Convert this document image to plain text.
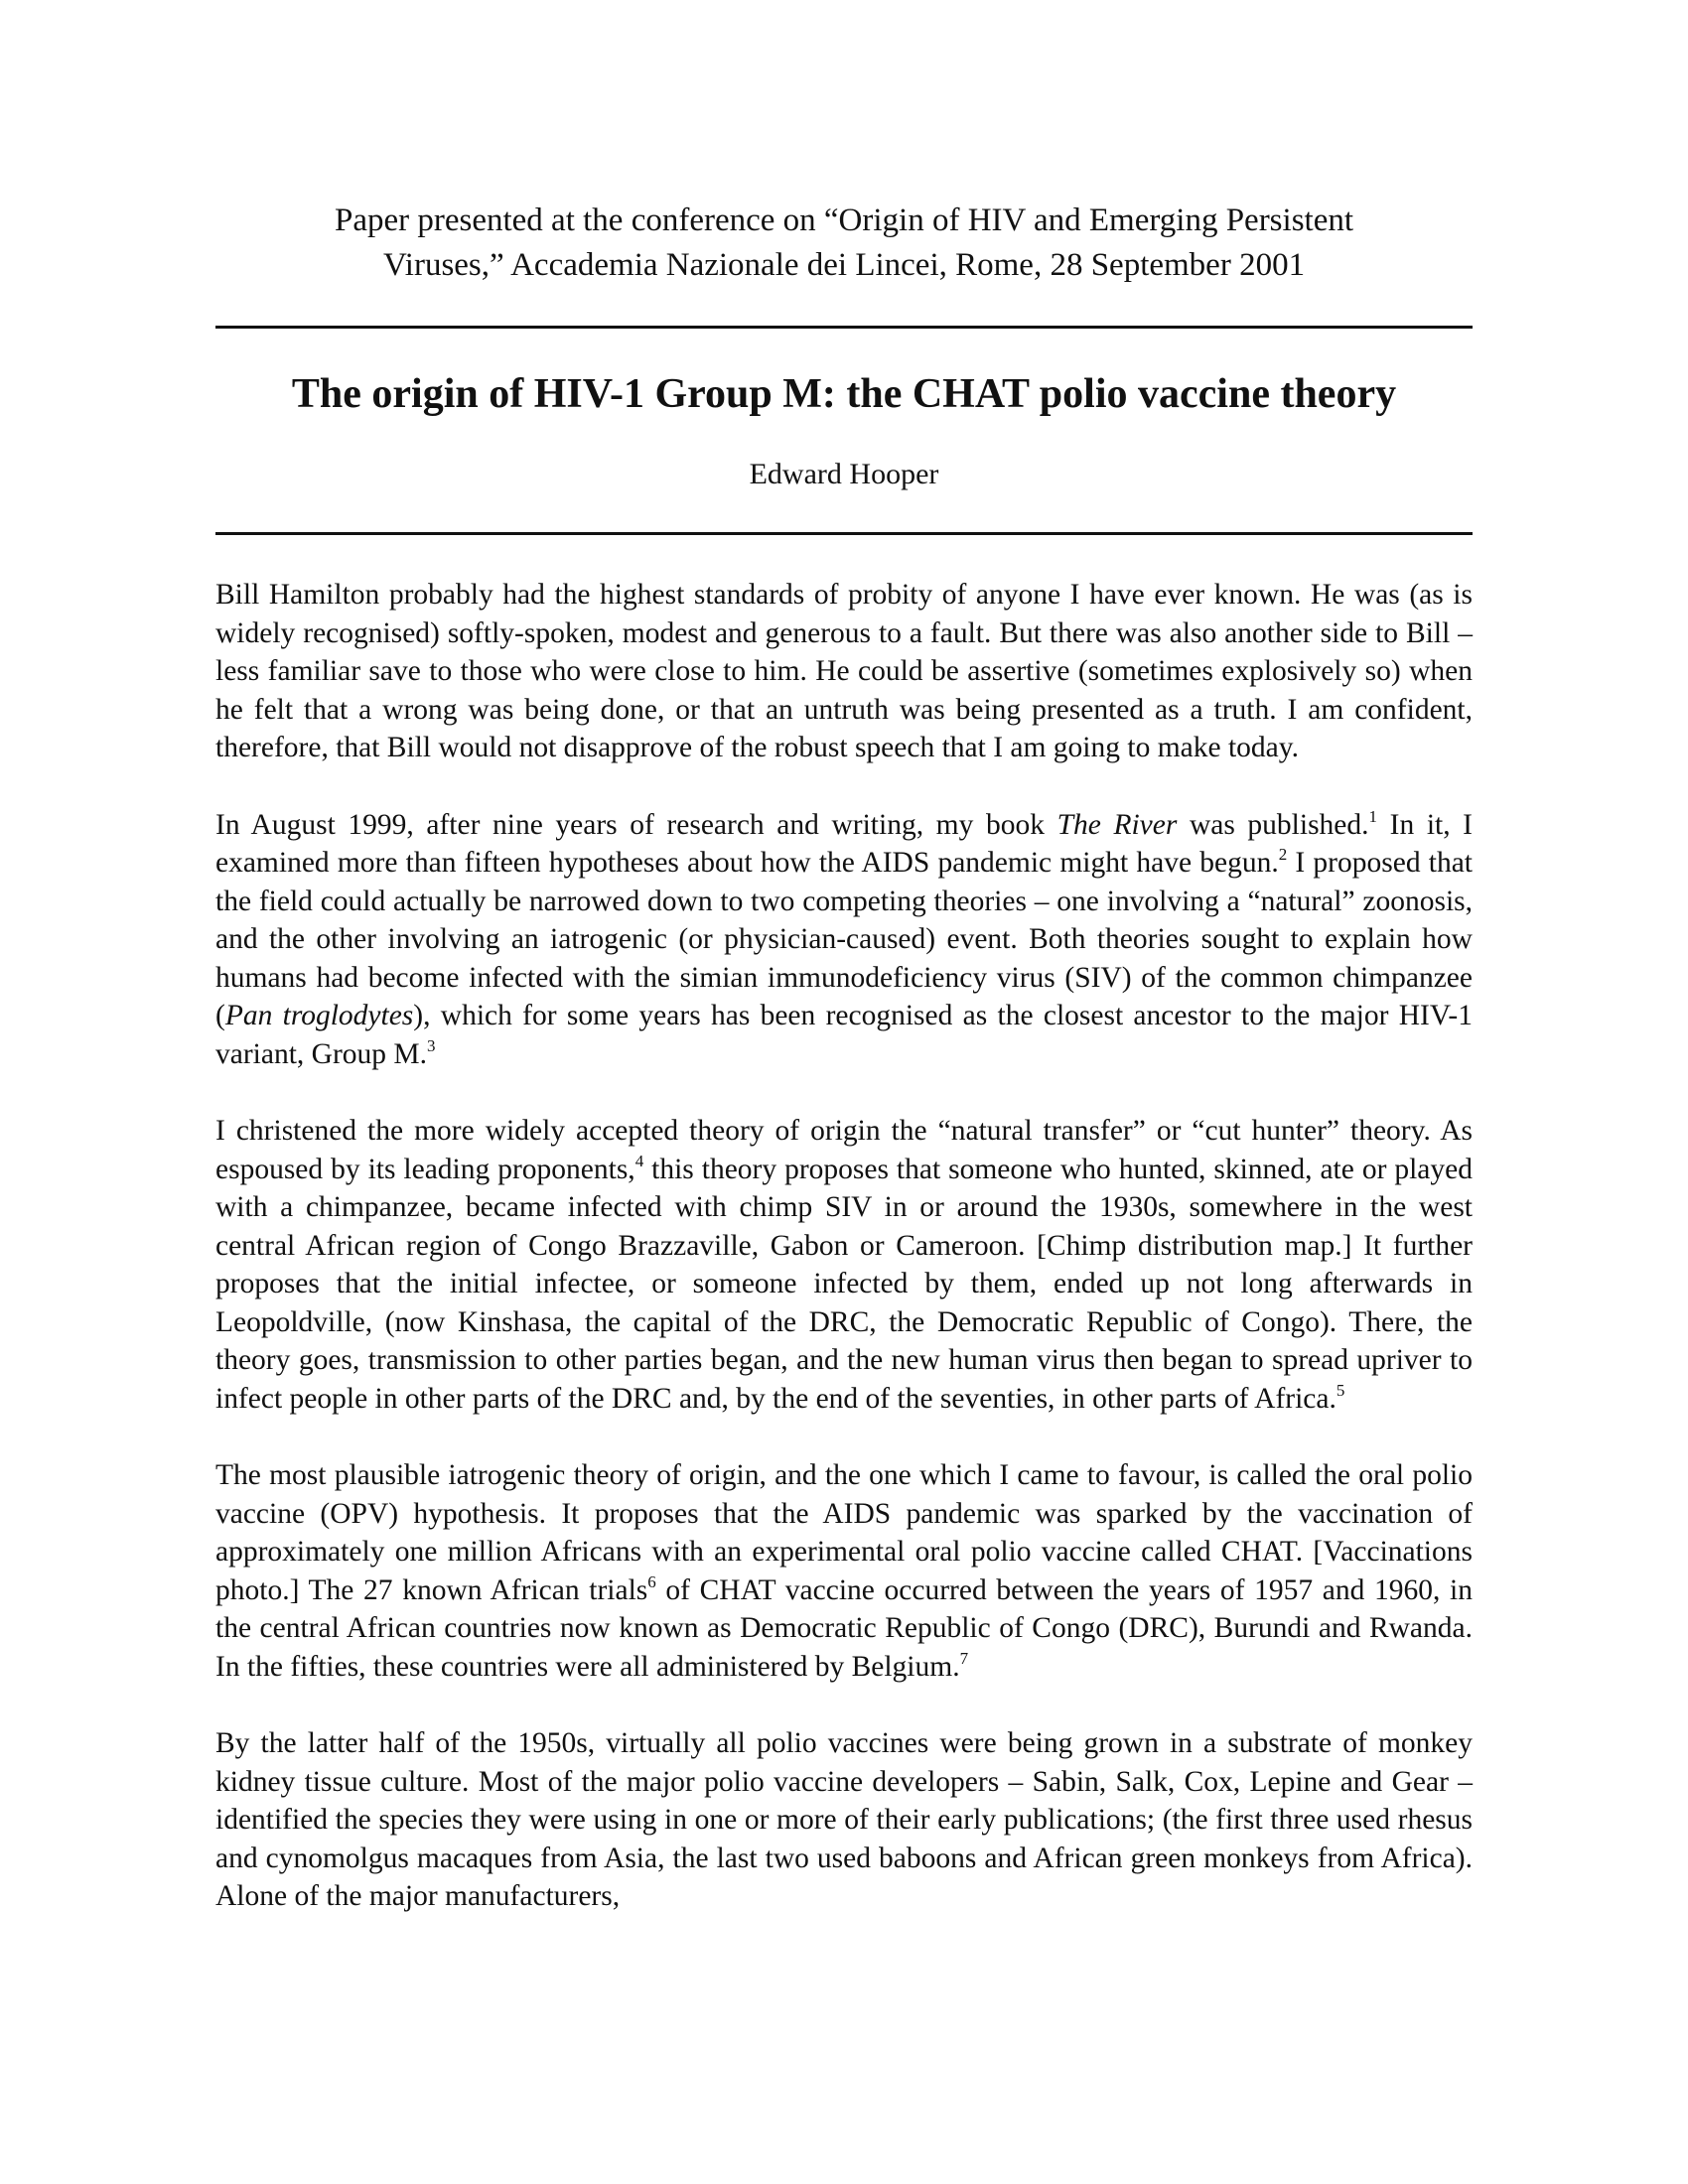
Paper presented at the conference on “Origin of HIV and Emerging Persistent
Viruses,” Accademia Nazionale dei Lincei, Rome, 28 September 2001
The origin of HIV-1 Group M: the CHAT polio vaccine theory
Edward Hooper

Bill Hamilton probably had the highest standards of probity of anyone I have ever known. He was (as is widely recognised) softly-spoken, modest and generous to a fault. But there was also another side to Bill – less familiar save to those who were close to him. He could be assertive (sometimes explosively so) when he felt that a wrong was being done, or that an untruth was being presented as a truth. I am confident, therefore, that Bill would not disapprove of the robust speech that I am going to make today.

In August 1999, after nine years of research and writing, my book The River was published.$^1$ In it, I examined more than fifteen hypotheses about how the AIDS pandemic might have begun.$^2$ I proposed that the field could actually be narrowed down to two competing theories – one involving a “natural” zoonosis, and the other involving an iatrogenic (or physician-caused) event. Both theories sought to explain how humans had become infected with the simian immunodeficiency virus (SIV) of the common chimpanzee (Pan troglodytes), which for some years has been recognised as the closest ancestor to the major HIV-1 variant, Group M.$^3$

I christened the more widely accepted theory of origin the “natural transfer” or “cut hunter” theory. As espoused by its leading proponents,$^4$ this theory proposes that someone who hunted, skinned, ate or played with a chimpanzee, became infected with chimp SIV in or around the 1930s, somewhere in the west central African region of Congo Brazzaville, Gabon or Cameroon. [Chimp distribution map.] It further proposes that the initial infectee, or someone infected by them, ended up not long afterwards in Leopoldville, (now Kinshasa, the capital of the DRC, the Democratic Republic of Congo). There, the theory goes, transmission to other parties began, and the new human virus then began to spread upriver to infect people in other parts of the DRC and, by the end of the seventies, in other parts of Africa.$^5$

The most plausible iatrogenic theory of origin, and the one which I came to favour, is called the oral polio vaccine (OPV) hypothesis. It proposes that the AIDS pandemic was sparked by the vaccination of approximately one million Africans with an experimental oral polio vaccine called CHAT. [Vaccinations photo.] The 27 known African trials$^6$ of CHAT vaccine occurred between the years of 1957 and 1960, in the central African countries now known as Democratic Republic of Congo (DRC), Burundi and Rwanda. In the fifties, these countries were all administered by Belgium.$^7$

By the latter half of the 1950s, virtually all polio vaccines were being grown in a substrate of monkey kidney tissue culture. Most of the major polio vaccine developers – Sabin, Salk, Cox, Lepine and Gear – identified the species they were using in one or more of their early publications; (the first three used rhesus and cynomolgus macaques from Asia, the last two used baboons and African green monkeys from Africa). Alone of the major manufacturers,
